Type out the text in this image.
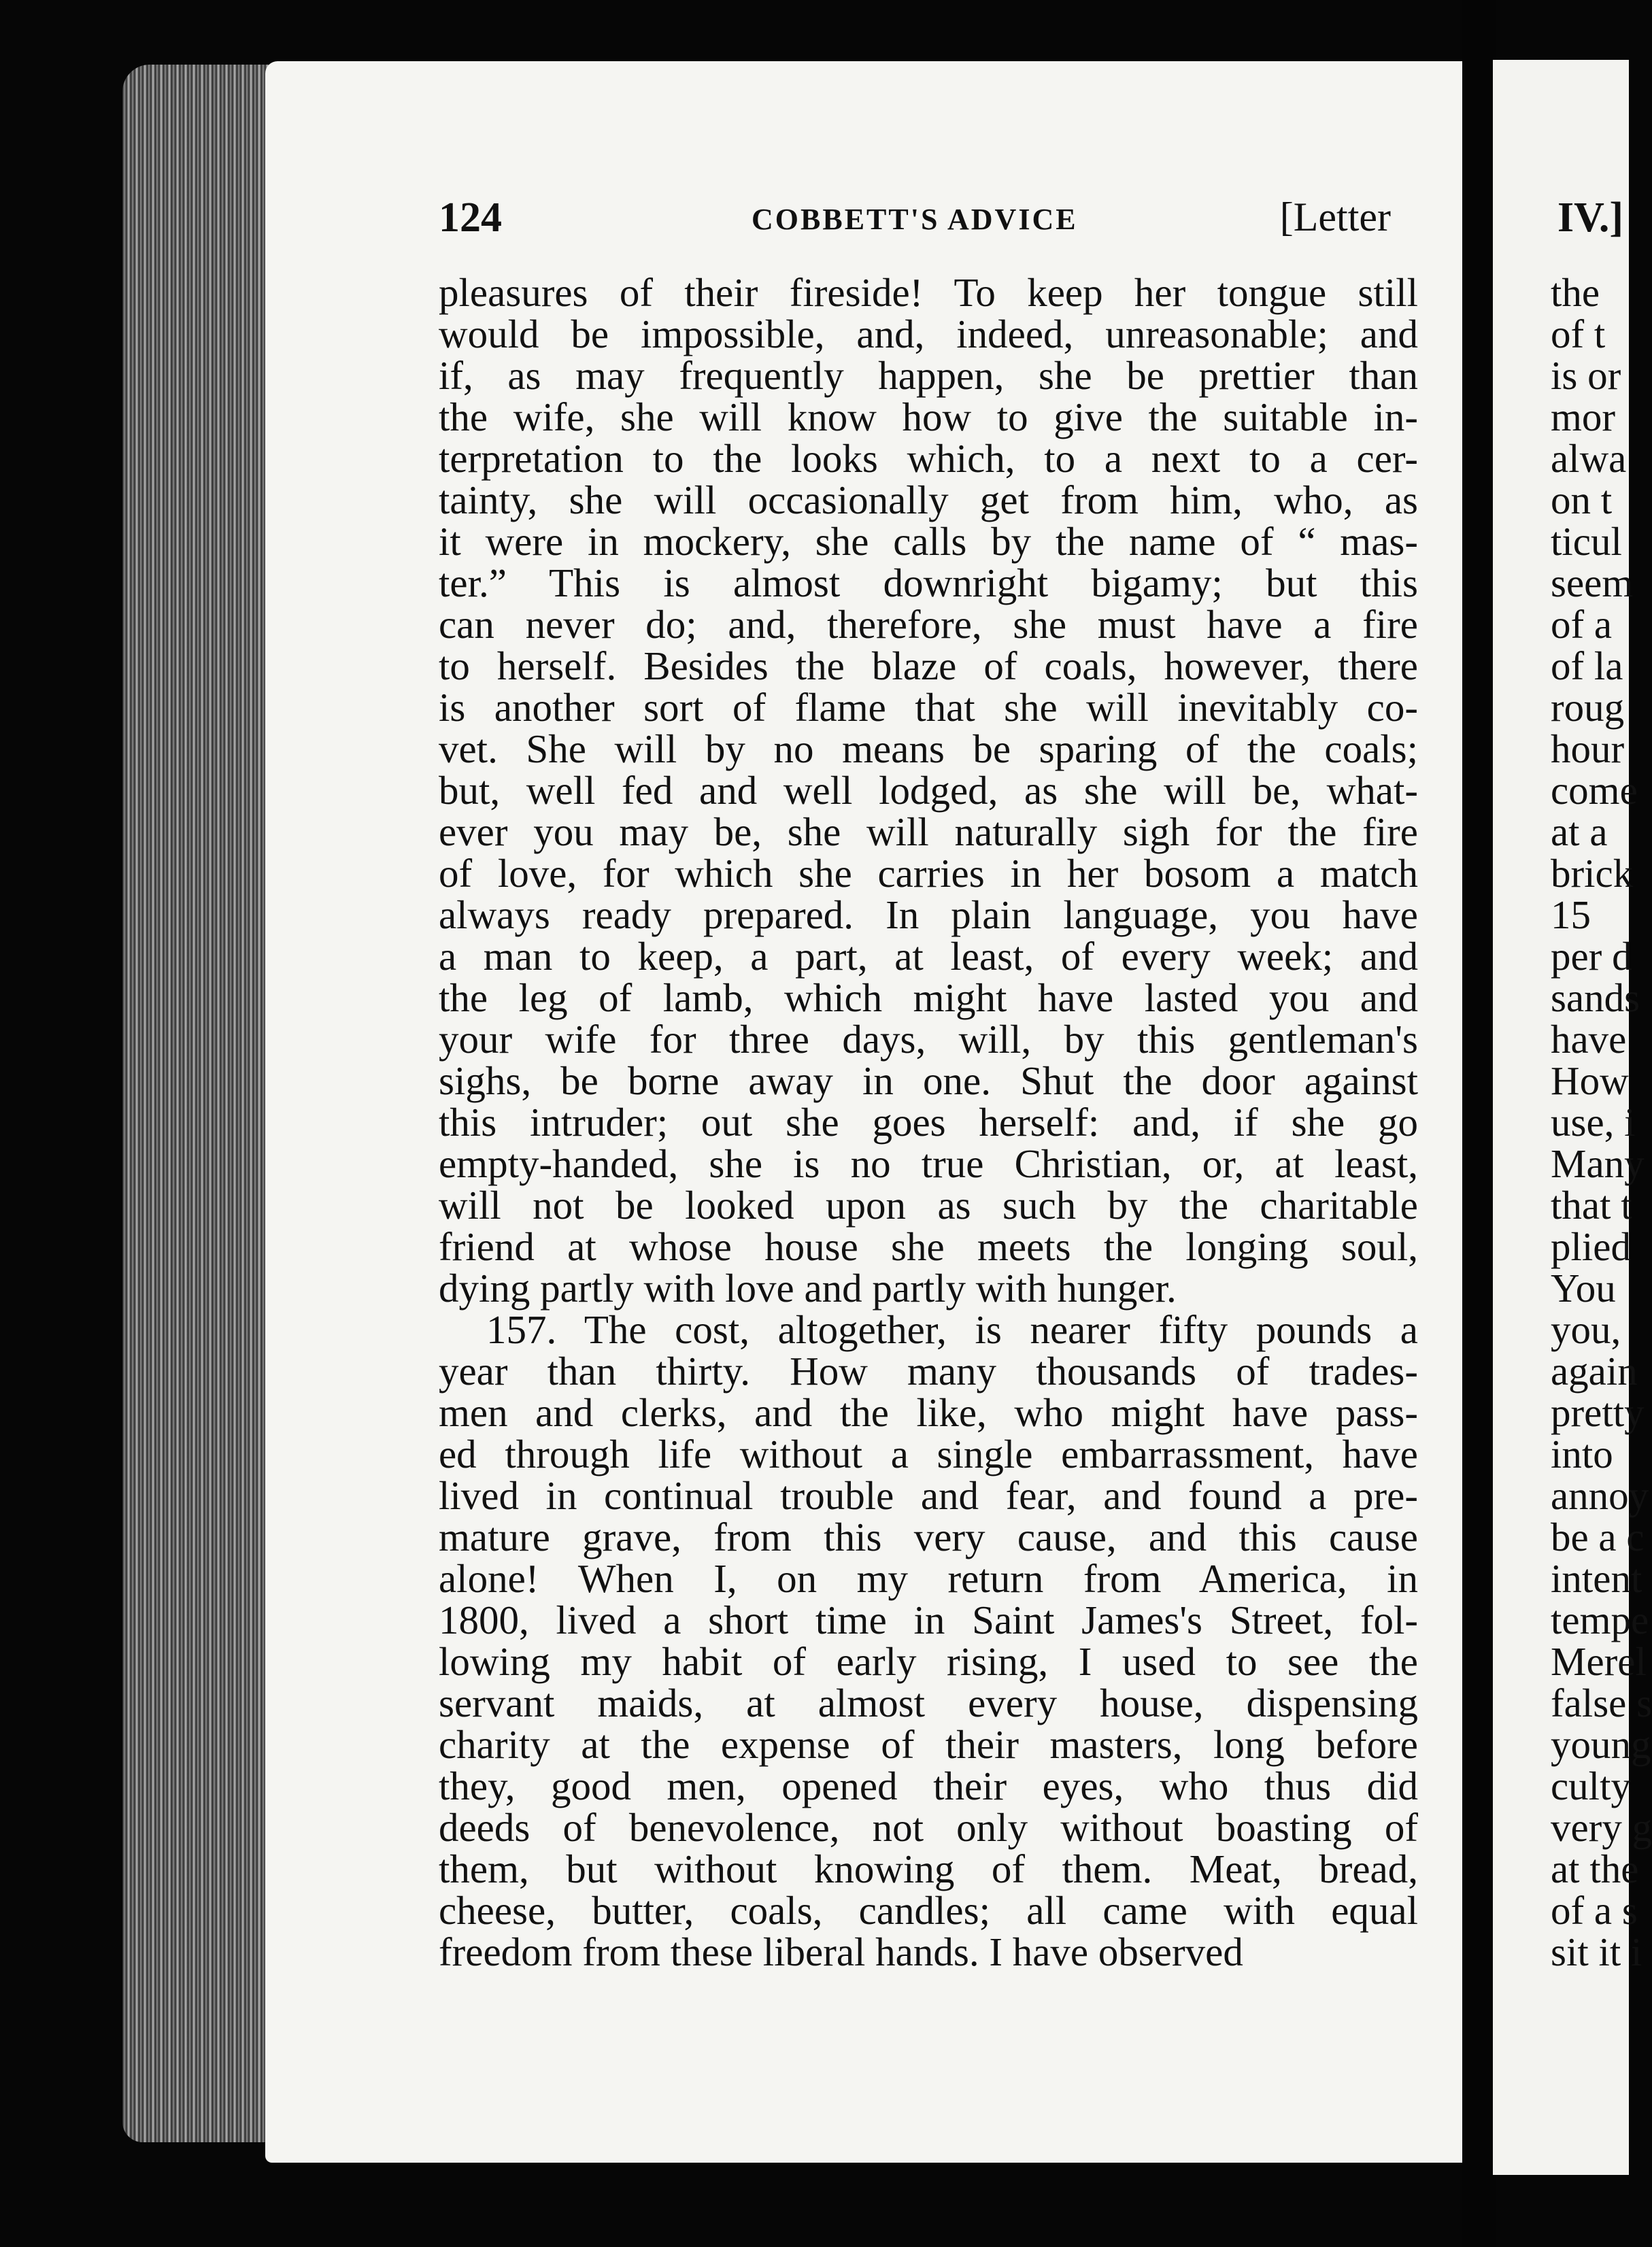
124	COBBETT'S ADVICE	[Letter
pleasures of their fireside! To keep her tongue still
would be impossible, and, indeed, unreasonable; and
if, as may frequently happen, she be prettier than
the wife, she will know how to give the suitable in-
terpretation to the looks which, to a next to a cer-
tainty, she will occasionally get from him, who, as
it were in mockery, she calls by the name of “ mas-
ter.” This is almost downright bigamy; but this
can never do; and, therefore, she must have a fire
to herself. Besides the blaze of coals, however, there
is another sort of flame that she will inevitably co-
vet. She will by no means be sparing of the coals;
but, well fed and well lodged, as she will be, what-
ever you may be, she will naturally sigh for the fire
of love, for which she carries in her bosom a match
always ready prepared. In plain language, you have
a man to keep, a part, at least, of every week; and
the leg of lamb, which might have lasted you and
your wife for three days, will, by this gentleman's
sighs, be borne away in one. Shut the door against
this intruder; out she goes herself: and, if she go
empty-handed, she is no true Christian, or, at least,
will not be looked upon as such by the charitable
friend at whose house she meets the longing soul,
dying partly with love and partly with hunger.
157. The cost, altogether, is nearer fifty pounds a
year than thirty. How many thousands of trades-
men and clerks, and the like, who might have pass-
ed through life without a single embarrassment, have
lived in continual trouble and fear, and found a pre-
mature grave, from this very cause, and this cause
alone! When I, on my return from America, in
1800, lived a short time in Saint James's Street, fol-
lowing my habit of early rising, I used to see the
servant maids, at almost every house, dispensing
charity at the expense of their masters, long before
they, good men, opened their eyes, who thus did
deeds of benevolence, not only without boasting of
them, but without knowing of them. Meat, bread,
cheese, butter, coals, candles; all came with equal
freedom from these liberal hands. I have observed
IV.]
the
of t
is or
mor
alwa
on t
ticul
seem
of a
of la
roug
hour
come
at a
brick
15
per d
sands
have
How
use, i
Many
that t
plied
You
you,
again
pretty
into
annoy
be a c
intent
tempe
Merel
false s
young
culty
very g
at the
of a s
sit it i
